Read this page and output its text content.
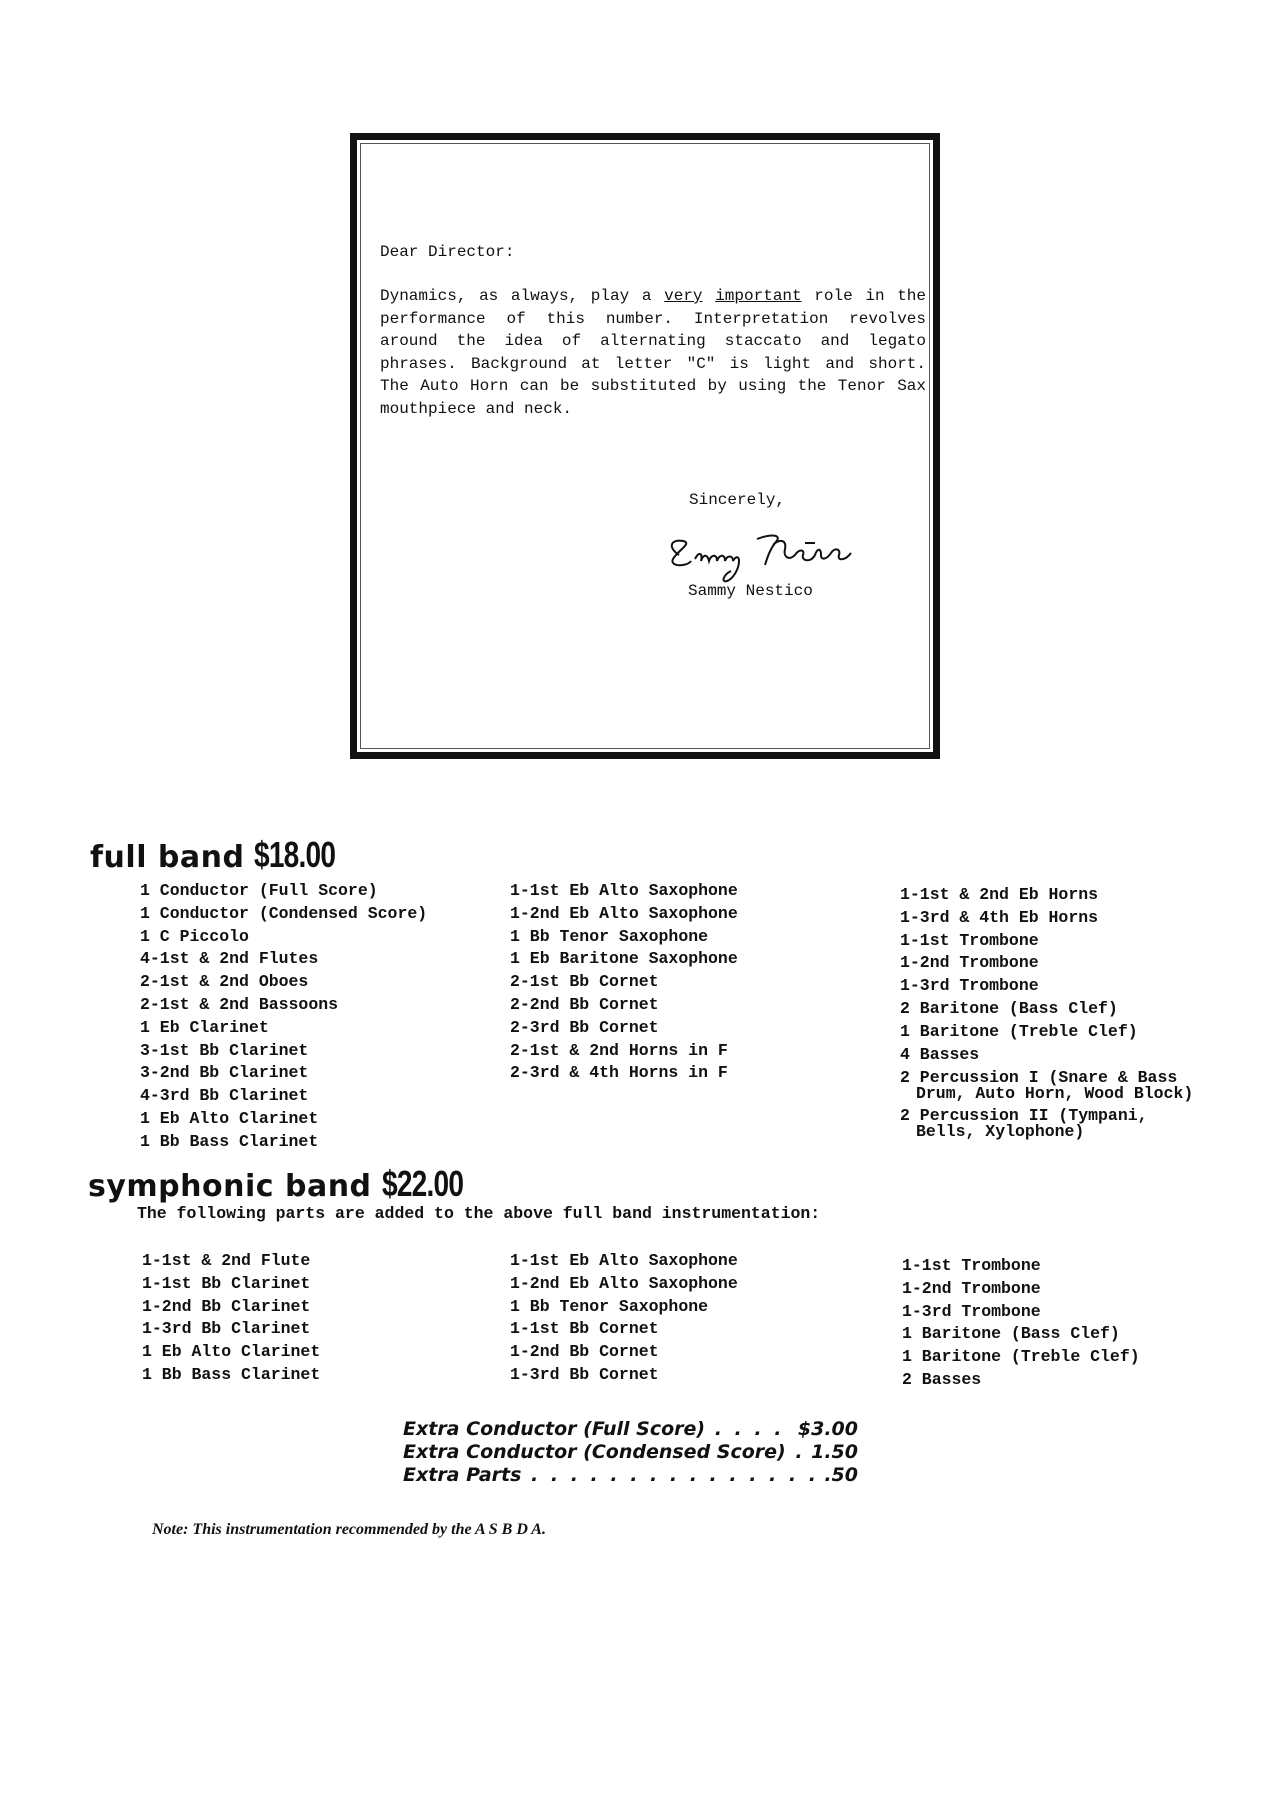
Dear Director:
Dynamics, as always, play a very important role in the
performance of this number. Interpretation revolves
around the idea of alternating staccato and legato
phrases. Background at letter "C" is light and short.
The Auto Horn can be substituted by using the Tenor Sax
mouthpiece and neck.
Sincerely,
Sammy Nestico
full band $18.00
1 Conductor (Full Score)
1 Conductor (Condensed Score)
1 C Piccolo
4-1st & 2nd Flutes
2-1st & 2nd Oboes
2-1st & 2nd Bassoons
1 Eb Clarinet
3-1st Bb Clarinet
3-2nd Bb Clarinet
4-3rd Bb Clarinet
1 Eb Alto Clarinet
1 Bb Bass Clarinet
1-1st Eb Alto Saxophone
1-2nd Eb Alto Saxophone
1 Bb Tenor Saxophone
1 Eb Baritone Saxophone
2-1st Bb Cornet
2-2nd Bb Cornet
2-3rd Bb Cornet
2-1st & 2nd Horns in F
2-3rd & 4th Horns in F
1-1st & 2nd Eb Horns
1-3rd & 4th Eb Horns
1-1st Trombone
1-2nd Trombone
1-3rd Trombone
2 Baritone (Bass Clef)
1 Baritone (Treble Clef)
4 Basses
2 Percussion I (Snare & Bass
Drum, Auto Horn, Wood Block)
2 Percussion II (Tympani,
Bells, Xylophone)
symphonic band $22.00
The following parts are added to the above full band instrumentation:
1-1st & 2nd Flute
1-1st Bb Clarinet
1-2nd Bb Clarinet
1-3rd Bb Clarinet
1 Eb Alto Clarinet
1 Bb Bass Clarinet
1-1st Eb Alto Saxophone
1-2nd Eb Alto Saxophone
1 Bb Tenor Saxophone
1-1st Bb Cornet
1-2nd Bb Cornet
1-3rd Bb Cornet
1-1st Trombone
1-2nd Trombone
1-3rd Trombone
1 Baritone (Bass Clef)
1 Baritone (Treble Clef)
2 Basses
Extra Conductor (Full Score) . . .	$3.00
Extra Conductor (Condensed Score) . . .	1.50
Extra Parts . . .	.50
Note: This instrumentation recommended by the A S B D A.
